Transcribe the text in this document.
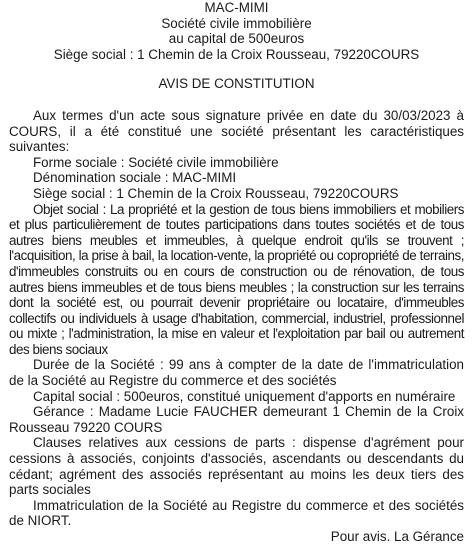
MAC-MIMI
Société civile immobilière
au capital de 500euros
Siège social : 1 Chemin de la Croix Rousseau, 79220COURS
AVIS DE CONSTITUTION

Aux termes d'un acte sous signature privée en date du 30/03/2023 à COURS, il a été constitué une société présentant les caractéristiques suivantes:

Forme sociale : Société civile immobilière

Dénomination sociale : MAC-MIMI

Siège social : 1 Chemin de la Croix Rousseau, 79220COURS

Objet social : La propriété et la gestion de tous biens immobiliers et mobiliers et plus particulièrement de toutes participations dans toutes sociétés et de tous autres biens meubles et immeubles, à quelque endroit qu'ils se trouvent ; l'acquisition, la prise à bail, la location-vente, la propriété ou copropriété de terrains, d'immeubles construits ou en cours de construction ou de rénovation, de tous autres biens immeubles et de tous biens meubles ; la construction sur les terrains dont la société est, ou pourrait devenir propriétaire ou locataire, d'immeubles collectifs ou individuels à usage d'habitation, commercial, industriel, professionnel ou mixte ; l'administration, la mise en valeur et l'exploitation par bail ou autrement des biens sociaux

Durée de la Société : 99 ans à compter de la date de l'immatriculation de la Société au Registre du commerce et des sociétés

Capital social : 500euros, constitué uniquement d'apports en numéraire

Gérance : Madame Lucie FAUCHER demeurant 1 Chemin de la Croix Rousseau 79220 COURS

Clauses relatives aux cessions de parts : dispense d'agrément pour cessions à associés, conjoints d'associés, ascendants ou descendants du cédant; agrément des associés représentant au moins les deux tiers des parts sociales

Immatriculation de la Société au Registre du commerce et des sociétés de NIORT.

Pour avis. La Gérance
